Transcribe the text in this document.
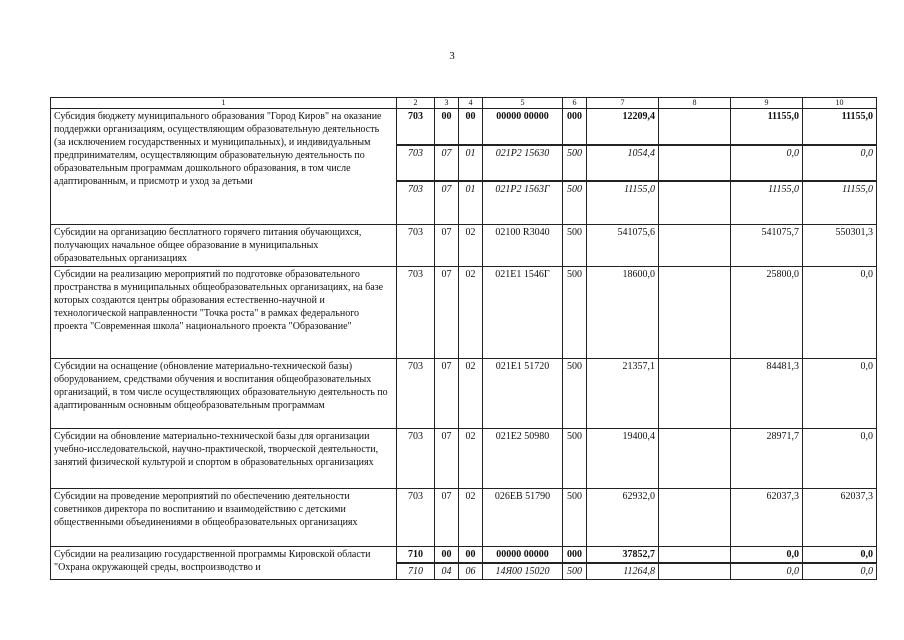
3
1	2	3	4	5	6	7	8	9	10
Субсидия бюджету муниципального образования "Город Киров" на оказание поддержки организациям, осуществляющим образовательную деятельность (за исключением государственных и муниципальных), и индивидуальным предпринимателям, осуществляющим образовательную деятельность по образовательным программам дошкольного образования, в том числе адаптированным, и присмотр и уход за детьми	703	00	00	00000 00000	000	12209,4		11155,0	11155,0
	703	07	01	021P2 15630	500	1054,4		0,0	0,0
	703	07	01	021P2 1563Г	500	11155,0		11155,0	11155,0
Субсидии на организацию бесплатного горячего питания обучающихся, получающих начальное общее образование в муниципальных образовательных организациях	703	07	02	02100 R3040	500	541075,6		541075,7	550301,3
Субсидии на реализацию мероприятий по подготовке образовательного пространства в муниципальных общеобразовательных организациях, на базе которых создаются центры образования естественно-научной и технологической направленности "Точка роста" в рамках федерального проекта "Современная школа" национального проекта "Образование"	703	07	02	021E1 1546Г	500	18600,0		25800,0	0,0
Субсидии на оснащение (обновление материально-технической базы) оборудованием, средствами обучения и воспитания общеобразовательных организаций, в том числе осуществляющих образовательную деятельность по адаптированным основным общеобразовательным программам	703	07	02	021E1 51720	500	21357,1		84481,3	0,0
Субсидии на обновление материально-технической базы для организации учебно-исследовательской, научно-практической, творческой деятельности, занятий физической культурой и спортом в образовательных организациях	703	07	02	021E2 50980	500	19400,4		28971,7	0,0
Субсидии на проведение мероприятий по обеспечению деятельности советников директора по воспитанию и взаимодействию с детскими общественными объединениями в общеобразовательных организациях	703	07	02	026EB 51790	500	62932,0		62037,3	62037,3
Субсидии на реализацию государственной программы Кировской области "Охрана окружающей среды, воспроизводство и	710	00	00	00000 00000	000	37852,7		0,0	0,0
	710	04	06	14Я00 15020	500	11264,8		0,0	0,0
